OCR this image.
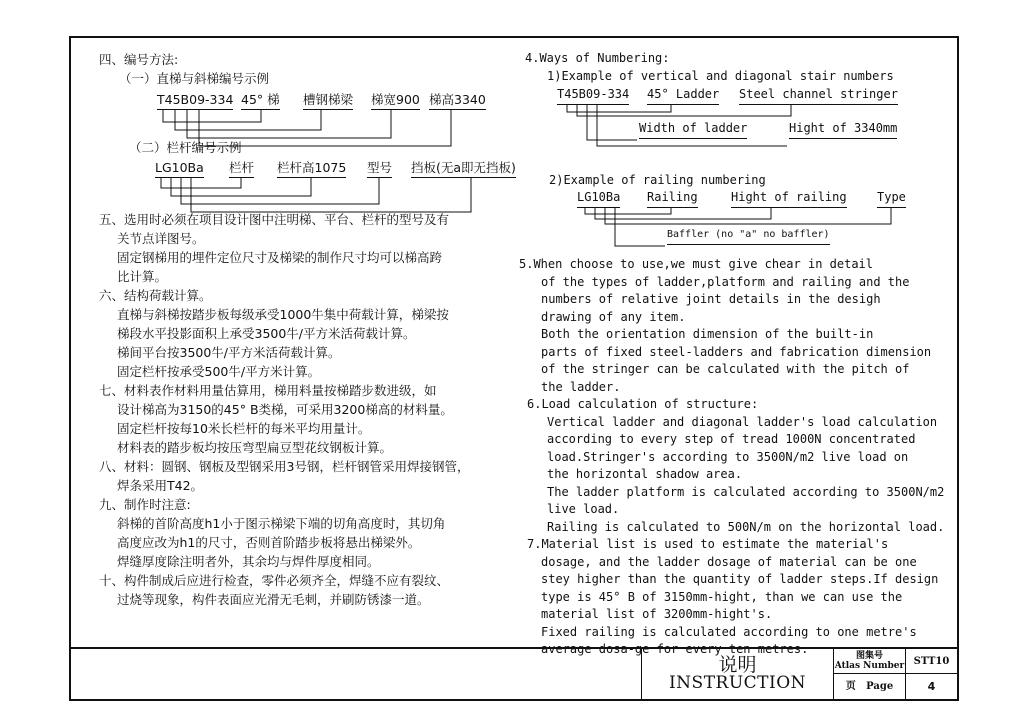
四、编号方法:
（一）直梯与斜梯编号示例
T45B09-334 45° 梯 槽钢梯梁 梯宽900 梯高3340
（二）栏杆编号示例
LG10Ba 栏杆 栏杆高1075 型号 挡板(无a即无挡板)
五、选用时必须在项目设计图中注明梯、平台、栏杆的型号及有
关节点详图号。
固定钢梯用的埋件定位尺寸及梯梁的制作尺寸均可以梯高跨
比计算。
六、结构荷载计算。
直梯与斜梯按踏步板每级承受1000牛集中荷载计算，梯梁按
梯段水平投影面积上承受3500牛/平方米活荷载计算。
梯间平台按3500牛/平方米活荷载计算。
固定栏杆按承受500牛/平方米计算。
七、材料表作材料用量估算用，梯用料量按梯踏步数进级，如
设计梯高为3150的45° B类梯，可采用3200梯高的材料量。
固定栏杆按每10米长栏杆的每米平均用量计。
材料表的踏步板均按压弯型扁豆型花纹钢板计算。
八、材料：圆钢、钢板及型钢采用3号钢，栏杆钢管采用焊接钢管，
焊条采用T42。
九、制作时注意:
斜梯的首阶高度h1小于图示梯梁下端的切角高度时，其切角
高度应改为h1的尺寸，否则首阶踏步板将悬出梯梁外。
焊缝厚度除注明者外，其余均与焊件厚度相同。
十、构件制成后应进行检查，零件必须齐全，焊缝不应有裂纹、
过烧等现象，构件表面应光滑无毛刺，并刷防锈漆一道。
4.Ways of Numbering:
1)Example of vertical and diagonal stair numbers
T45B09-334 45° Ladder Steel channel stringer
Width of ladder	Hight of 3340mm
2)Example of railing numbering
LG10Ba Railing	Hight of railing	Type
Baffler (no "a" no baffler)
5.When choose to use,we must give chear in detail
of the types of ladder,platform and railing and the
numbers of relative joint details in the desigh
drawing of any item.
Both the orientation dimension of the built-in
parts of fixed steel-ladders and fabrication dimension
of the stringer can be calculated with the pitch of
the ladder.
6.Load calculation of structure:
Vertical ladder and diagonal ladder's load calculation
according to every step of tread 1000N concentrated
load.Stringer's according to 3500N/m2 live load on
the horizontal shadow area.
The ladder platform is calculated according to 3500N/m2
live load.
Railing is calculated to 500N/m on the horizontal load.
7.Material list is used to estimate the material's
dosage, and the ladder dosage of material can be one
stey higher than the quantity of ladder steps.If design
type is 45° B of 3150mm-hight, than we can use the
material list of 3200mm-hight's.
Fixed railing is calculated according to one metre's
average dosa-ge for every ten metres.
说明
INSTRUCTION
图集号
Atlas Number STT10
页 Page	4
